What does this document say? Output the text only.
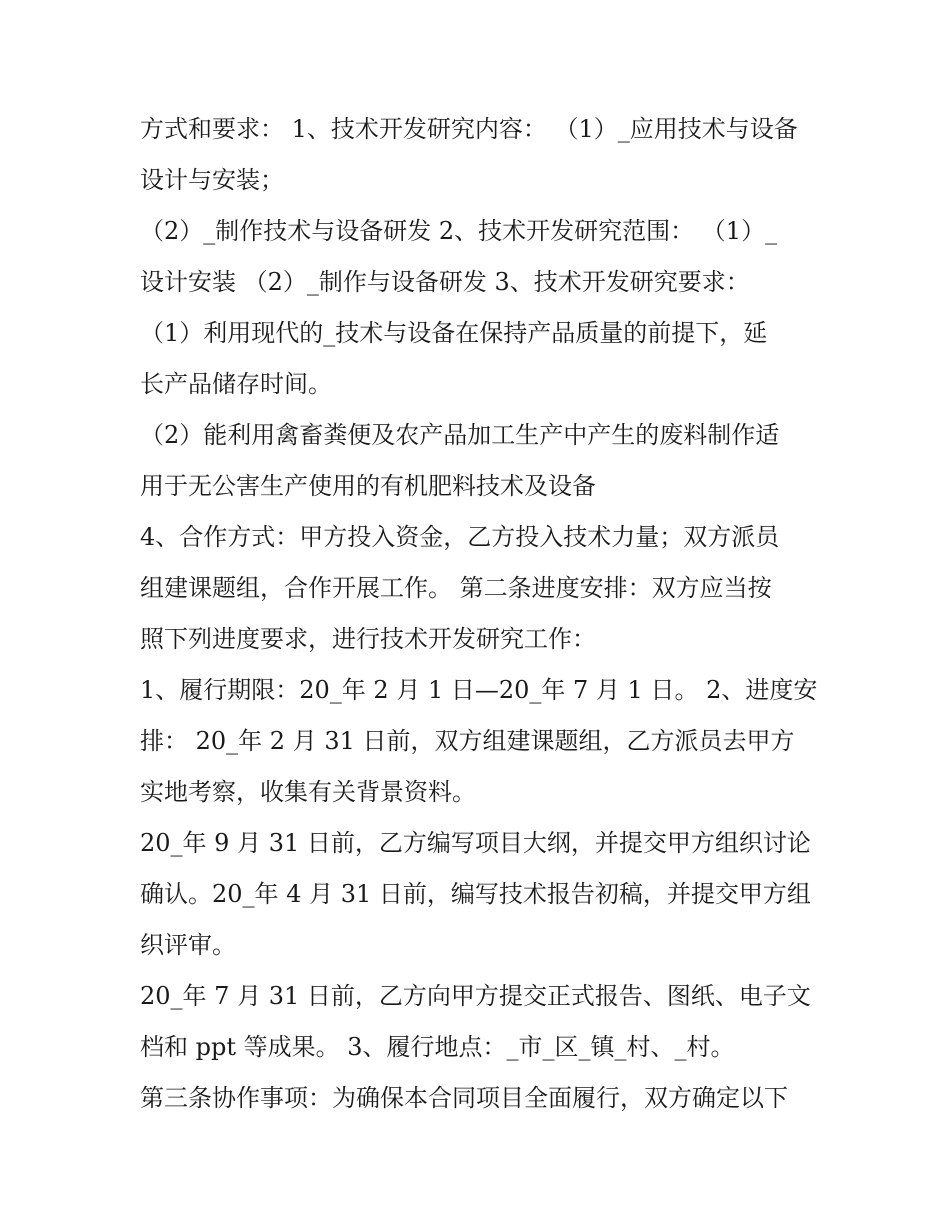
方式和要求： 1、技术开发研究内容： （1）_应用技术与设备
设计与安装；
（2）_制作技术与设备研发 2、技术开发研究范围： （1）_
设计安装 （2）_制作与设备研发 3、技术开发研究要求：
（1）利用现代的_技术与设备在保持产品质量的前提下，延
长产品储存时间。
（2）能利用禽畜粪便及农产品加工生产中产生的废料制作适
用于无公害生产使用的有机肥料技术及设备
4、合作方式：甲方投入资金，乙方投入技术力量；双方派员
组建课题组，合作开展工作。 第二条进度安排：双方应当按
照下列进度要求，进行技术开发研究工作：
1、履行期限：20_年 2 月 1 日—20_年 7 月 1 日。 2、进度安
排： 20_年 2 月 31 日前，双方组建课题组，乙方派员去甲方
实地考察，收集有关背景资料。
20_年 9 月 31 日前，乙方编写项目大纲，并提交甲方组织讨论
确认。20_年 4 月 31 日前，编写技术报告初稿，并提交甲方组
织评审。
20_年 7 月 31 日前，乙方向甲方提交正式报告、图纸、电子文
档和 ppt 等成果。 3、履行地点：_市_区_镇_村、_村。
第三条协作事项：为确保本合同项目全面履行，双方确定以下
